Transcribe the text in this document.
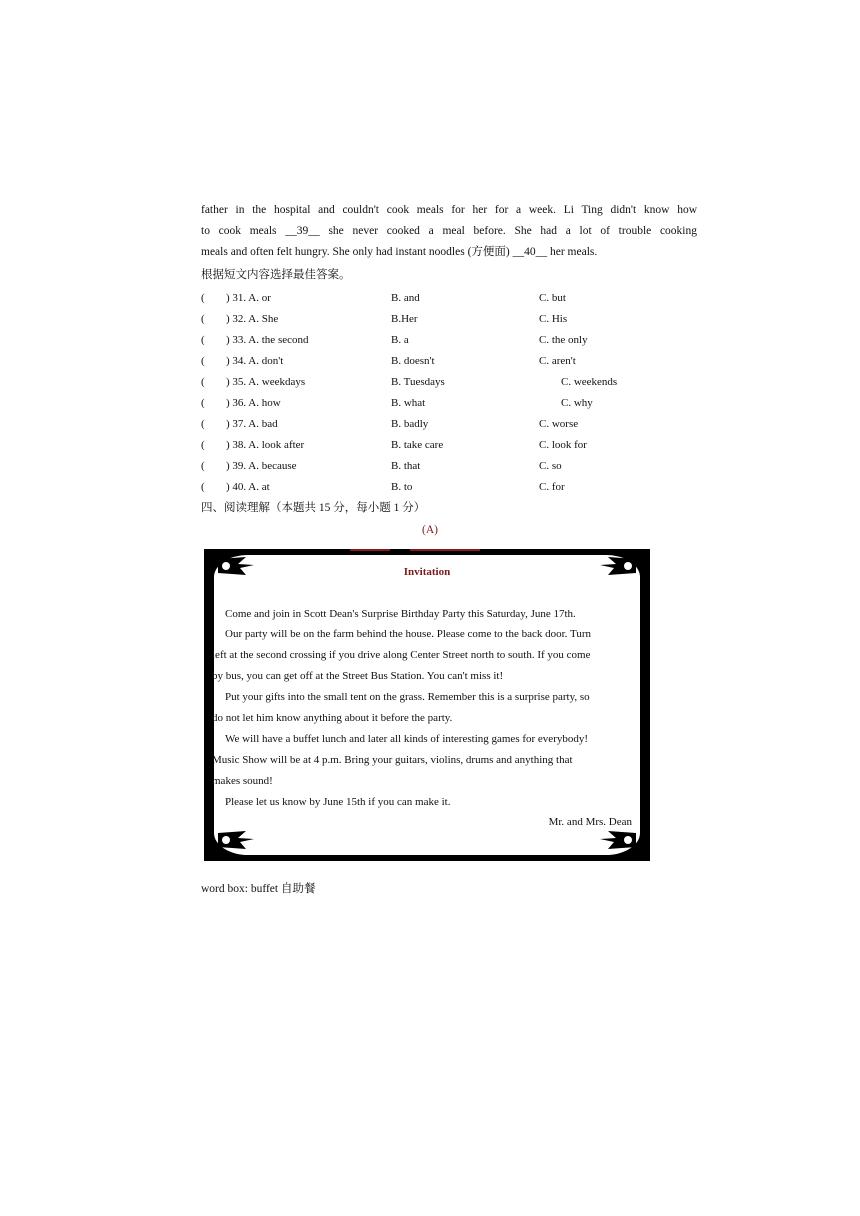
father in the hospital and couldn't cook meals for her for a week. Li Ting didn't know how
to cook meals __39__ she never cooked a meal before. She had a lot of trouble cooking
meals and often felt hungry. She only had instant noodles (方便面) __40__ her meals.
根据短文内容选择最佳答案。
( ) 31. A. or	B. and	C. but
( ) 32. A. She	B.Her	C. His
( ) 33. A. the second	B. a	C. the only
( ) 34. A. don't	B. doesn't	C. aren't
( ) 35. A. weekdays	B. Tuesdays	C. weekends
( ) 36. A. how	B. what	C. why
( ) 37. A. bad	B. badly	C. worse
( ) 38. A. look after	B. take care	C. look for
( ) 39. A. because	B. that	C. so
( ) 40. A. at	B. to	C. for
四、阅读理解（本题共 15 分，每小题 1 分）
(A)
Invitation
Come and join in Scott Dean's Surprise Birthday Party this Saturday, June 17th.
Our party will be on the farm behind the house. Please come to the back door. Turn
left at the second crossing if you drive along Center Street north to south. If you come
by bus, you can get off at the Street Bus Station. You can't miss it!
Put your gifts into the small tent on the grass. Remember this is a surprise party, so
do not let him know anything about it before the party.
We will have a buffet lunch and later all kinds of interesting games for everybody!
Music Show will be at 4 p.m. Bring your guitars, violins, drums and anything that
makes sound!
Please let us know by June 15th if you can make it.
Mr. and Mrs. Dean
word box: buffet 自助餐
